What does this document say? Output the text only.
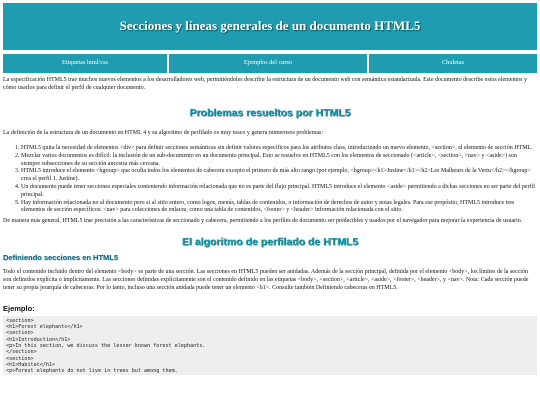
Secciones y líneas generales de un documento HTML5
Etiquetas html/css	Ejemplos del curso	Chuletas

La especificación HTML5 trae muchos nuevos elementos a los desarrolladores web, permitiéndoles describir la estructura de un documento web con semántica estandarizada. Este documento describe estos elementos y cómo usarlos para definir el perfil de cualquier documento.

Problemas resueltos por HTML5

La definición de la estructura de un documento en HTML 4 y su algoritmo de perfilado es muy tosco y genera numerosos problemas:

1. HTML5 quita la necesidad de elementos <div> para definir secciones semánticas sin definir valores específicos para los atributos class, introduciendo un nuevo elemento, <section>, el elemento de sección HTML.
2. Mezclar varios documentos es difícil: la inclusión de un sub-documento en un documento principal. Esto se resuelve en HTML5 con los elementos de seccionado (<article>, <section>, <nav> y <aside>) son siempre subsecciones de su sección ancestra más cercana.
3. HTML5 introduce el elemento <hgroup> que oculta todos los elementos de cabecera excepto el primero de más alto rango (por ejemplo, <hgroup><h1>Justine</h1><h2>Les Malheurs de la Vertu</h2></hgroup> crea el perfil 1. Justine).
4. Un documento puede tener secciones especiales conteniendo información relacionada que no es parte del flujo principal. HTML5 introduce el elemento <aside> permitiendo a dichas secciones no ser parte del perfil principal.
5. Hay información relacionada no al documento pero si al sitio entero, como logos, menús, tablas de contenidos, o información de derechos de autor y notas legales. Para ese propósito, HTML5 introduce tres elementos de sección específicos: <nav> para colecciones de enlaces, como una tabla de contenidos, <footer> y <header> información relacionada con el sitio.

De manera más general, HTML5 trae precisión a las características de seccionado y cabecera, permitiendo a los perfiles de documento ser predecibles y usados por el navegador para mejorar la experiencia de usuario.

El algoritmo de perfilado de HTML5
Definiendo secciones en HTML5

Todo el contenido incluido dentro del elemento <body> es parte de una sección. Las secciones en HTML5 pueden ser anidadas. Además de la sección principal, definida por el elemento <body>, los límites de la sección son definidos explícita o implícitamente. Las secciones definidas explícitamente son el contenido definido en las etiquetas <body>, <section>, <article>, <aside>, <footer>, <header>, y <nav>. Nota: Cada sección puede tener su propia jerarquía de cabeceras. Por lo tanto, incluso una sección anidada puede tener un elemento <h1>. Consulte también Definiendo cabeceras en HTML5.

Ejemplo:
<section>
<h1>Forest elephants</h1>
<section>
<h1>Introduction</h1>
<p>In this section, we discuss the lesser known forest elephants.
</section>
<section>
<h1>Habitat</h1>
<p>Forest elephants do not live in trees but among them.
